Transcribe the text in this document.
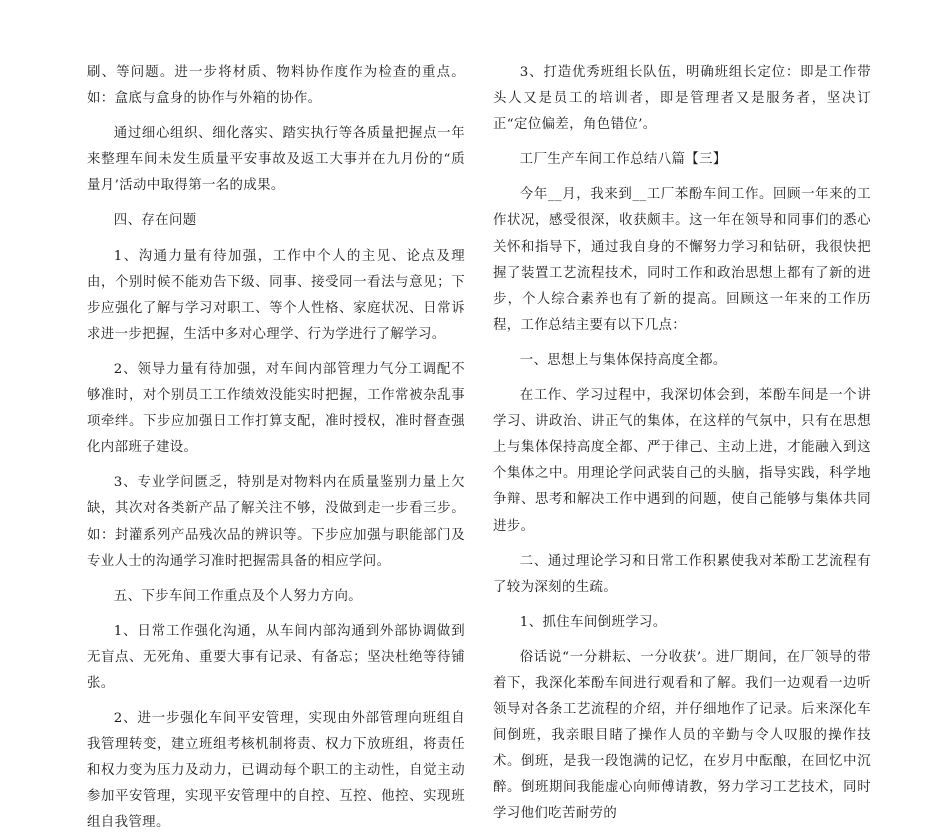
刷、等问题。进一步将材质、物料协作度作为检查的重点。如：盒底与盒身的协作与外箱的协作。

通过细心组织、细化落实、踏实执行等各质量把握点一年来整理车间未发生质量平安事故及返工大事并在九月份的“质量月’活动中取得第一名的成果。

四、存在问题

1、沟通力量有待加强，工作中个人的主见、论点及理由，个别时候不能劝告下级、同事、接受同一看法与意见；下步应强化了解与学习对职工、等个人性格、家庭状况、日常诉求进一步把握，生活中多对心理学、行为学进行了解学习。

2、领导力量有待加强，对车间内部管理力气分工调配不够准时，对个别员工工作绩效没能实时把握，工作常被杂乱事项牵绊。下步应加强日工作打算支配，准时授权，准时督查强化内部班子建设。

3、专业学问匮乏，特别是对物料内在质量鉴别力量上欠缺，其次对各类新产品了解关注不够，没做到走一步看三步。如：封灌系列产品残次品的辨识等。下步应加强与职能部门及专业人士的沟通学习准时把握需具备的相应学问。

五、下步车间工作重点及个人努力方向。

1、日常工作强化沟通，从车间内部沟通到外部协调做到无盲点、无死角、重要大事有记录、有备忘；坚决杜绝等待铺张。

2、进一步强化车间平安管理，实现由外部管理向班组自我管理转变，建立班组考核机制将责、权力下放班组，将责任和权力变为压力及动力，已调动每个职工的主动性，自觉主动参加平安管理，实现平安管理中的自控、互控、他控、实现班组自我管理。

3、打造优秀班组长队伍，明确班组长定位：即是工作带头人又是员工的培训者，即是管理者又是服务者，坚决订正“定位偏差，角色错位’。

工厂生产车间工作总结八篇【三】

今年__月，我来到__工厂苯酚车间工作。回顾一年来的工作状况，感受很深，收获颇丰。这一年在领导和同事们的悉心关怀和指导下，通过我自身的不懈努力学习和钻研，我很快把握了装置工艺流程技术，同时工作和政治思想上都有了新的进步，个人综合素养也有了新的提高。回顾这一年来的工作历程，工作总结主要有以下几点：

一、思想上与集体保持高度全都。

在工作、学习过程中，我深切体会到，苯酚车间是一个讲学习、讲政治、讲正气的集体，在这样的气氛中，只有在思想上与集体保持高度全都、严于律己、主动上进，才能融入到这个集体之中。用理论学问武装自己的头脑，指导实践，科学地争辩、思考和解决工作中遇到的问题，使自己能够与集体共同进步。

二、通过理论学习和日常工作积累使我对苯酚工艺流程有了较为深刻的生疏。

1、抓住车间倒班学习。

俗话说“一分耕耘、一分收获’。进厂期间，在厂领导的带着下，我深化苯酚车间进行观看和了解。我们一边观看一边听领导对各条工艺流程的介绍，并仔细地作了记录。后来深化车间倒班，我亲眼目睹了操作人员的辛勤与令人叹服的操作技术。倒班，是我一段饱满的记忆，在岁月中酝酿，在回忆中沉醉。倒班期间我能虚心向师傅请教，努力学习工艺技术，同时学习他们吃苦耐劳的
